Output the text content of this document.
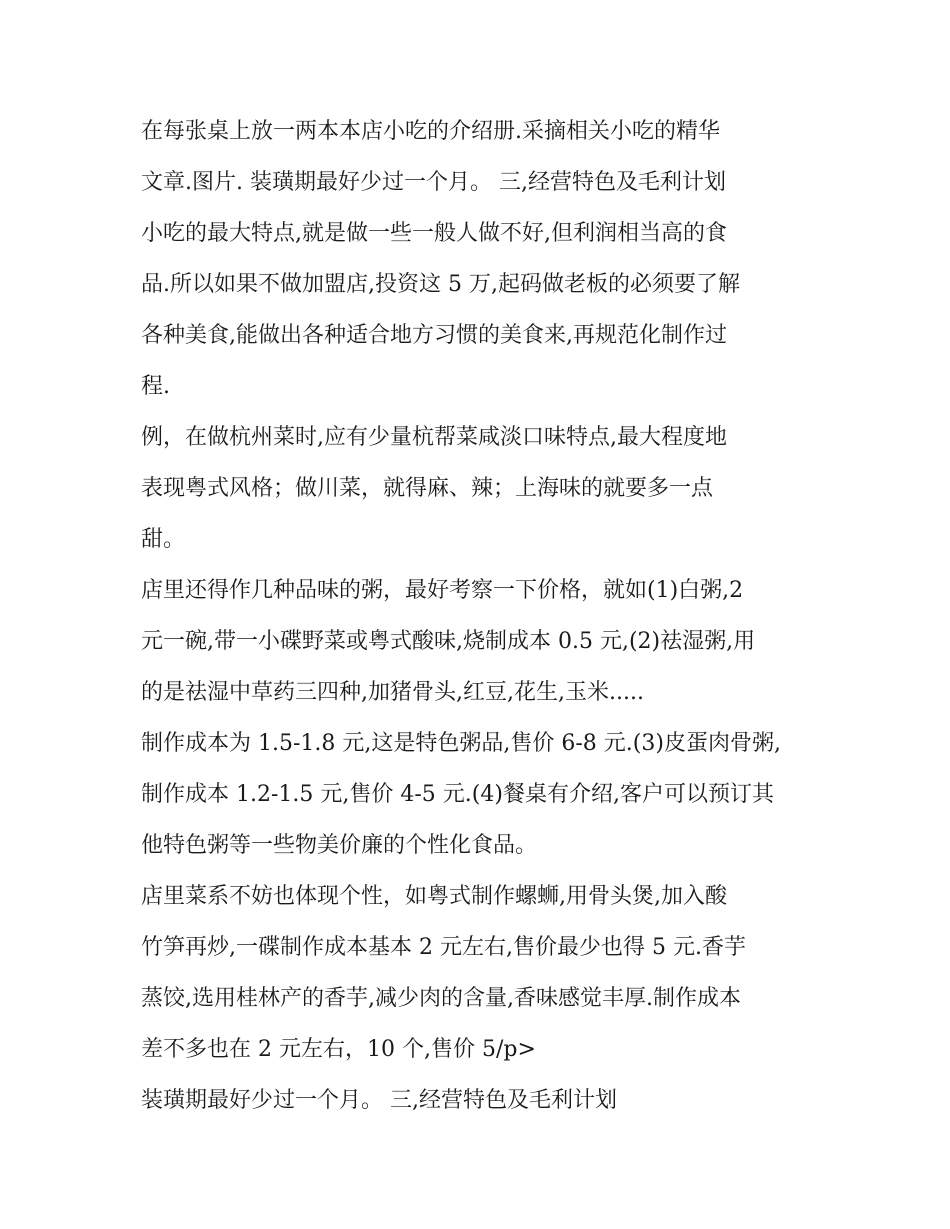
在每张桌上放一两本本店小吃的介绍册.采摘相关小吃的精华
文章.图片. 装璜期最好少过一个月。 三,经营特色及毛利计划
小吃的最大特点,就是做一些一般人做不好,但利润相当高的食
品.所以如果不做加盟店,投资这 5 万,起码做老板的必须要了解
各种美食,能做出各种适合地方习惯的美食来,再规范化制作过
程.
例，在做杭州菜时,应有少量杭帮菜咸淡口味特点,最大程度地
表现粤式风格；做川菜，就得麻、辣；上海味的就要多一点
甜。
店里还得作几种品味的粥，最好考察一下价格，就如(1)白粥,2
元一碗,带一小碟野菜或粤式酸味,烧制成本 0.5 元,(2)祛湿粥,用
的是祛湿中草药三四种,加猪骨头,红豆,花生,玉米.....
制作成本为 1.5-1.8 元,这是特色粥品,售价 6-8 元.(3)皮蛋肉骨粥,
制作成本 1.2-1.5 元,售价 4-5 元.(4)餐桌有介绍,客户可以预订其
他特色粥等一些物美价廉的个性化食品。
店里菜系不妨也体现个性，如粤式制作螺蛳,用骨头煲,加入酸
竹笋再炒,一碟制作成本基本 2 元左右,售价最少也得 5 元.香芋
蒸饺,选用桂林产的香芋,减少肉的含量,香味感觉丰厚.制作成本
差不多也在 2 元左右，10 个,售价 5/p>
装璜期最好少过一个月。 三,经营特色及毛利计划
